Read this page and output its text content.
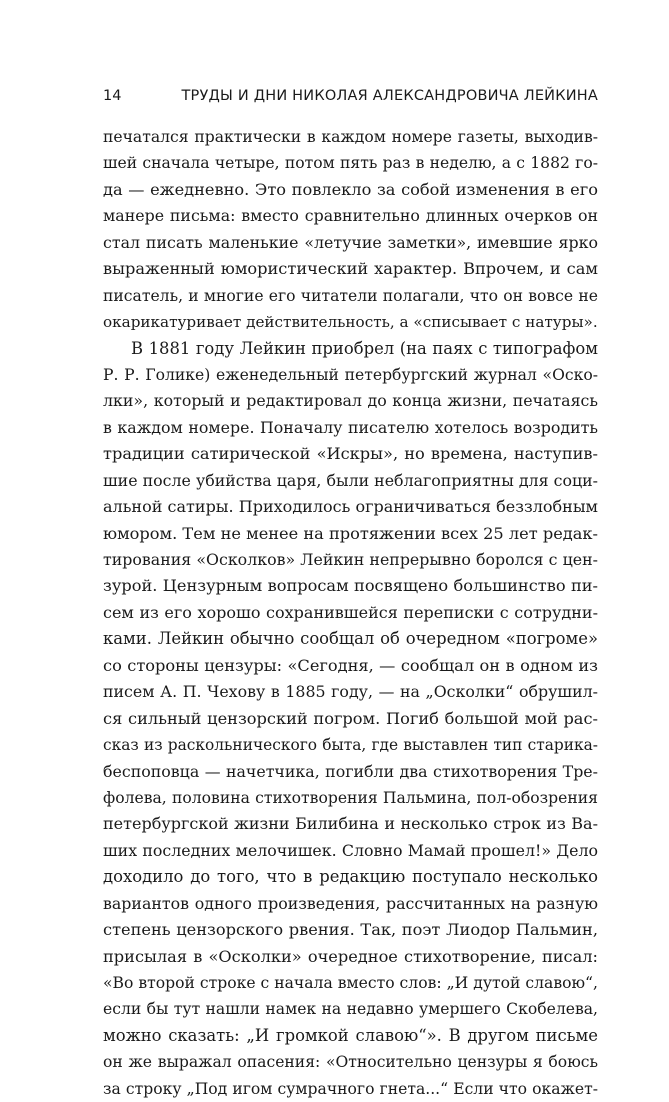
14	ТРУДЫ И ДНИ НИКОЛАЯ АЛЕКСАНДРОВИЧА ЛЕЙКИНА
печатался практически в каждом номере газеты, выходив-
шей сначала четыре, потом пять раз в неделю, а с 1882 го-
да — ежедневно. Это повлекло за собой изменения в его
манере письма: вместо сравнительно длинных очерков он
стал писать маленькие «летучие заметки», имевшие ярко
выраженный юмористический характер. Впрочем, и сам
писатель, и многие его читатели полагали, что он вовсе не
окарикатуривает действительность, а «списывает с натуры».
В 1881 году Лейкин приобрел (на паях с типографом
Р. Р. Голике) еженедельный петербургский журнал «Оско-
лки», который и редактировал до конца жизни, печатаясь
в каждом номере. Поначалу писателю хотелось возродить
традиции сатирической «Искры», но времена, наступив-
шие после убийства царя, были неблагоприятны для соци-
альной сатиры. Приходилось ограничиваться беззлобным
юмором. Тем не менее на протяжении всех 25 лет редак-
тирования «Осколков» Лейкин непрерывно боролся с цен-
зурой. Цензурным вопросам посвящено большинство пи-
сем из его хорошо сохранившейся переписки с сотрудни-
ками. Лейкин обычно сообщал об очередном «погроме»
со стороны цензуры: «Сегодня, — сообщал он в одном из
писем А. П. Чехову в 1885 году, — на „Осколки“ обрушил-
ся сильный цензорский погром. Погиб большой мой рас-
сказ из раскольнического быта, где выставлен тип старика-
беспоповца — начетчика, погибли два стихотворения Тре-
фолева, половина стихотворения Пальмина, пол-обозрения
петербургской жизни Билибина и несколько строк из Ва-
ших последних мелочишек. Словно Мамай прошел!» Дело
доходило до того, что в редакцию поступало несколько
вариантов одного произведения, рассчитанных на разную
степень цензорского рвения. Так, поэт Лиодор Пальмин,
присылая в «Осколки» очередное стихотворение, писал:
«Во второй строке с начала вместо слов: „И дутой славою“,
если бы тут нашли намек на недавно умершего Скобелева,
можно сказать: „И громкой славою“». В другом письме
он же выражал опасения: «Относительно цензуры я боюсь
за строку „Под игом сумрачного гнета...“ Если что окажет-
